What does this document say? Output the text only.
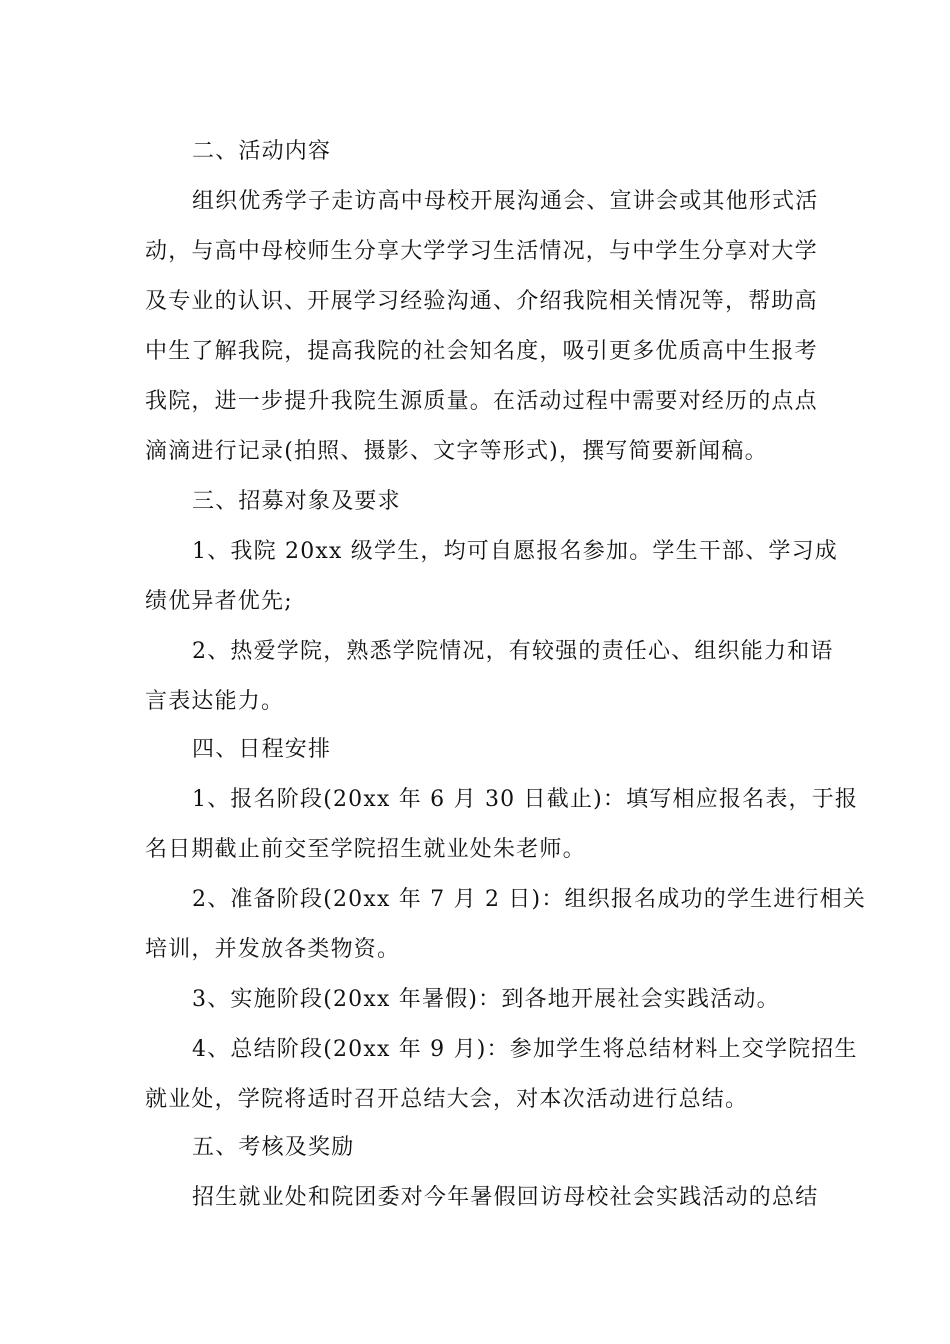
二、活动内容
组织优秀学子走访高中母校开展沟通会、宣讲会或其他形式活
动，与高中母校师生分享大学学习生活情况，与中学生分享对大学
及专业的认识、开展学习经验沟通、介绍我院相关情况等，帮助高
中生了解我院，提高我院的社会知名度，吸引更多优质高中生报考
我院，进一步提升我院生源质量。在活动过程中需要对经历的点点
滴滴进行记录(拍照、摄影、文字等形式)，撰写简要新闻稿。
三、招募对象及要求
1、我院 20xx 级学生，均可自愿报名参加。学生干部、学习成
绩优异者优先;
2、热爱学院，熟悉学院情况，有较强的责任心、组织能力和语
言表达能力。
四、日程安排
1、报名阶段(20xx 年 6 月 30 日截止)：填写相应报名表，于报
名日期截止前交至学院招生就业处朱老师。
2、准备阶段(20xx 年 7 月 2 日)：组织报名成功的学生进行相关
培训，并发放各类物资。
3、实施阶段(20xx 年暑假)：到各地开展社会实践活动。
4、总结阶段(20xx 年 9 月)：参加学生将总结材料上交学院招生
就业处，学院将适时召开总结大会，对本次活动进行总结。
五、考核及奖励
招生就业处和院团委对今年暑假回访母校社会实践活动的总结
